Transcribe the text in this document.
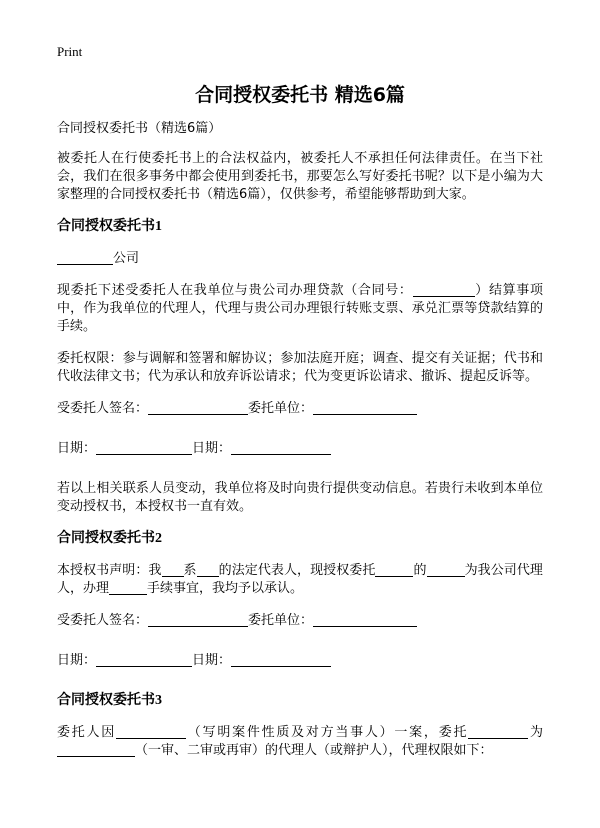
Print
合同授权委托书 精选6篇
合同授权委托书（精选6篇）
被委托人在行使委托书上的合法权益内，被委托人不承担任何法律责任。在当下社会，我们在很多事务中都会使用到委托书，那要怎么写好委托书呢？以下是小编为大家整理的合同授权委托书（精选6篇），仅供参考，希望能够帮助到大家。
合同授权委托书1
公司
现委托下述受委托人在我单位与贵公司办理贷款（合同号：	）结算事项中，作为我单位的代理人，代理与贵公司办理银行转账支票、承兑汇票等贷款结算的手续。
委托权限：参与调解和签署和解协议；参加法庭开庭；调查、提交有关证据；代书和代收法律文书；代为承认和放弃诉讼请求；代为变更诉讼请求、撤诉、提起反诉等。
受委托人签名：	委托单位：
日期：	日期：
若以上相关联系人员变动，我单位将及时向贵行提供变动信息。若贵行未收到本单位变动授权书，本授权书一直有效。
合同授权委托书2
本授权书声明：我 系 的法定代表人，现授权委托	的	为我公司代理人，办理	手续事宜，我均予以承认。
受委托人签名：	委托单位：
日期：	日期：
合同授权委托书3
委托人因	（写明案件性质及对方当事人）一案，委托	为（一审、二审或再审）的代理人（或辩护人），代理权限如下：
